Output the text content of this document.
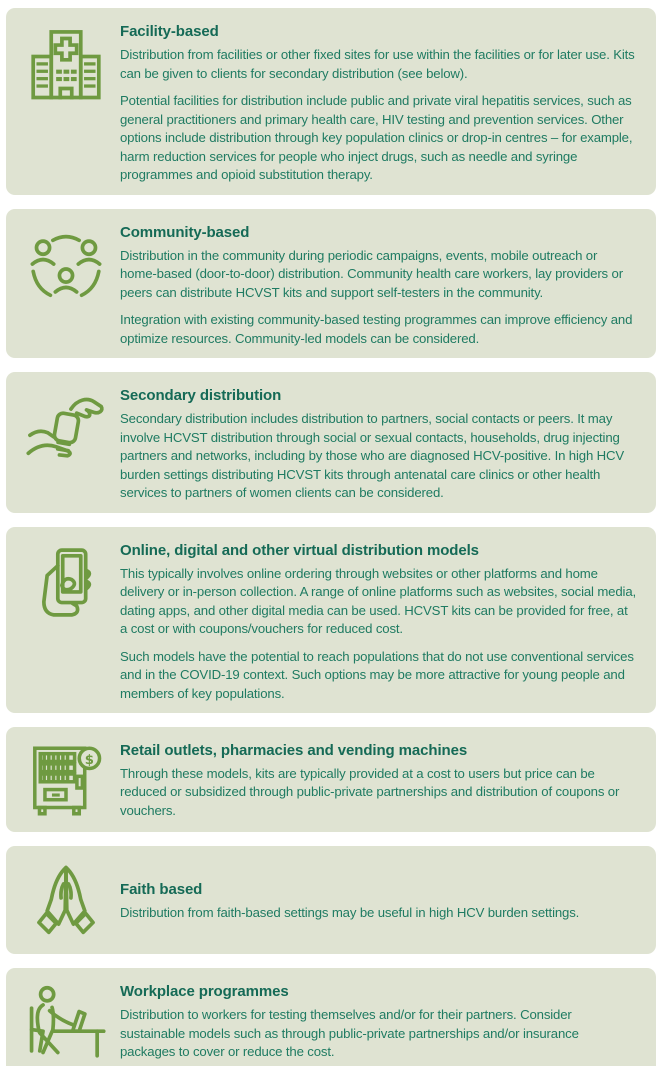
Facility-based

Distribution from facilities or other fixed sites for use within the facilities or for later use. Kits can be given to clients for secondary distribution (see below).

Potential facilities for distribution include public and private viral hepatitis services, such as general practitioners and primary health care, HIV testing and prevention services. Other options include distribution through key population clinics or drop-in centres – for example, harm reduction services for people who inject drugs, such as needle and syringe programmes and opioid substitution therapy.

Community-based

Distribution in the community during periodic campaigns, events, mobile outreach or home-based (door-to-door) distribution. Community health care workers, lay providers or peers can distribute HCVST kits and support self-testers in the community.

Integration with existing community-based testing programmes can improve efficiency and optimize resources. Community-led models can be considered.

Secondary distribution

Secondary distribution includes distribution to partners, social contacts or peers. It may involve HCVST distribution through social or sexual contacts, households, drug injecting partners and networks, including by those who are diagnosed HCV-positive. In high HCV burden settings distributing HCVST kits through antenatal care clinics or other health services to partners of women clients can be considered.

Online, digital and other virtual distribution models

This typically involves online ordering through websites or other platforms and home delivery or in-person collection. A range of online platforms such as websites, social media, dating apps, and other digital media can be used. HCVST kits can be provided for free, at a cost or with coupons/vouchers for reduced cost.

Such models have the potential to reach populations that do not use conventional services and in the COVID-19 context. Such options may be more attractive for young people and members of key populations.

$
Retail outlets, pharmacies and vending machines

Through these models, kits are typically provided at a cost to users but price can be reduced or subsidized through public-private partnerships and distribution of coupons or vouchers.

Faith based

Distribution from faith-based settings may be useful in high HCV burden settings.

Workplace programmes

Distribution to workers for testing themselves and/or for their partners. Consider sustainable models such as through public-private partnerships and/or insurance packages to cover or reduce the cost.
